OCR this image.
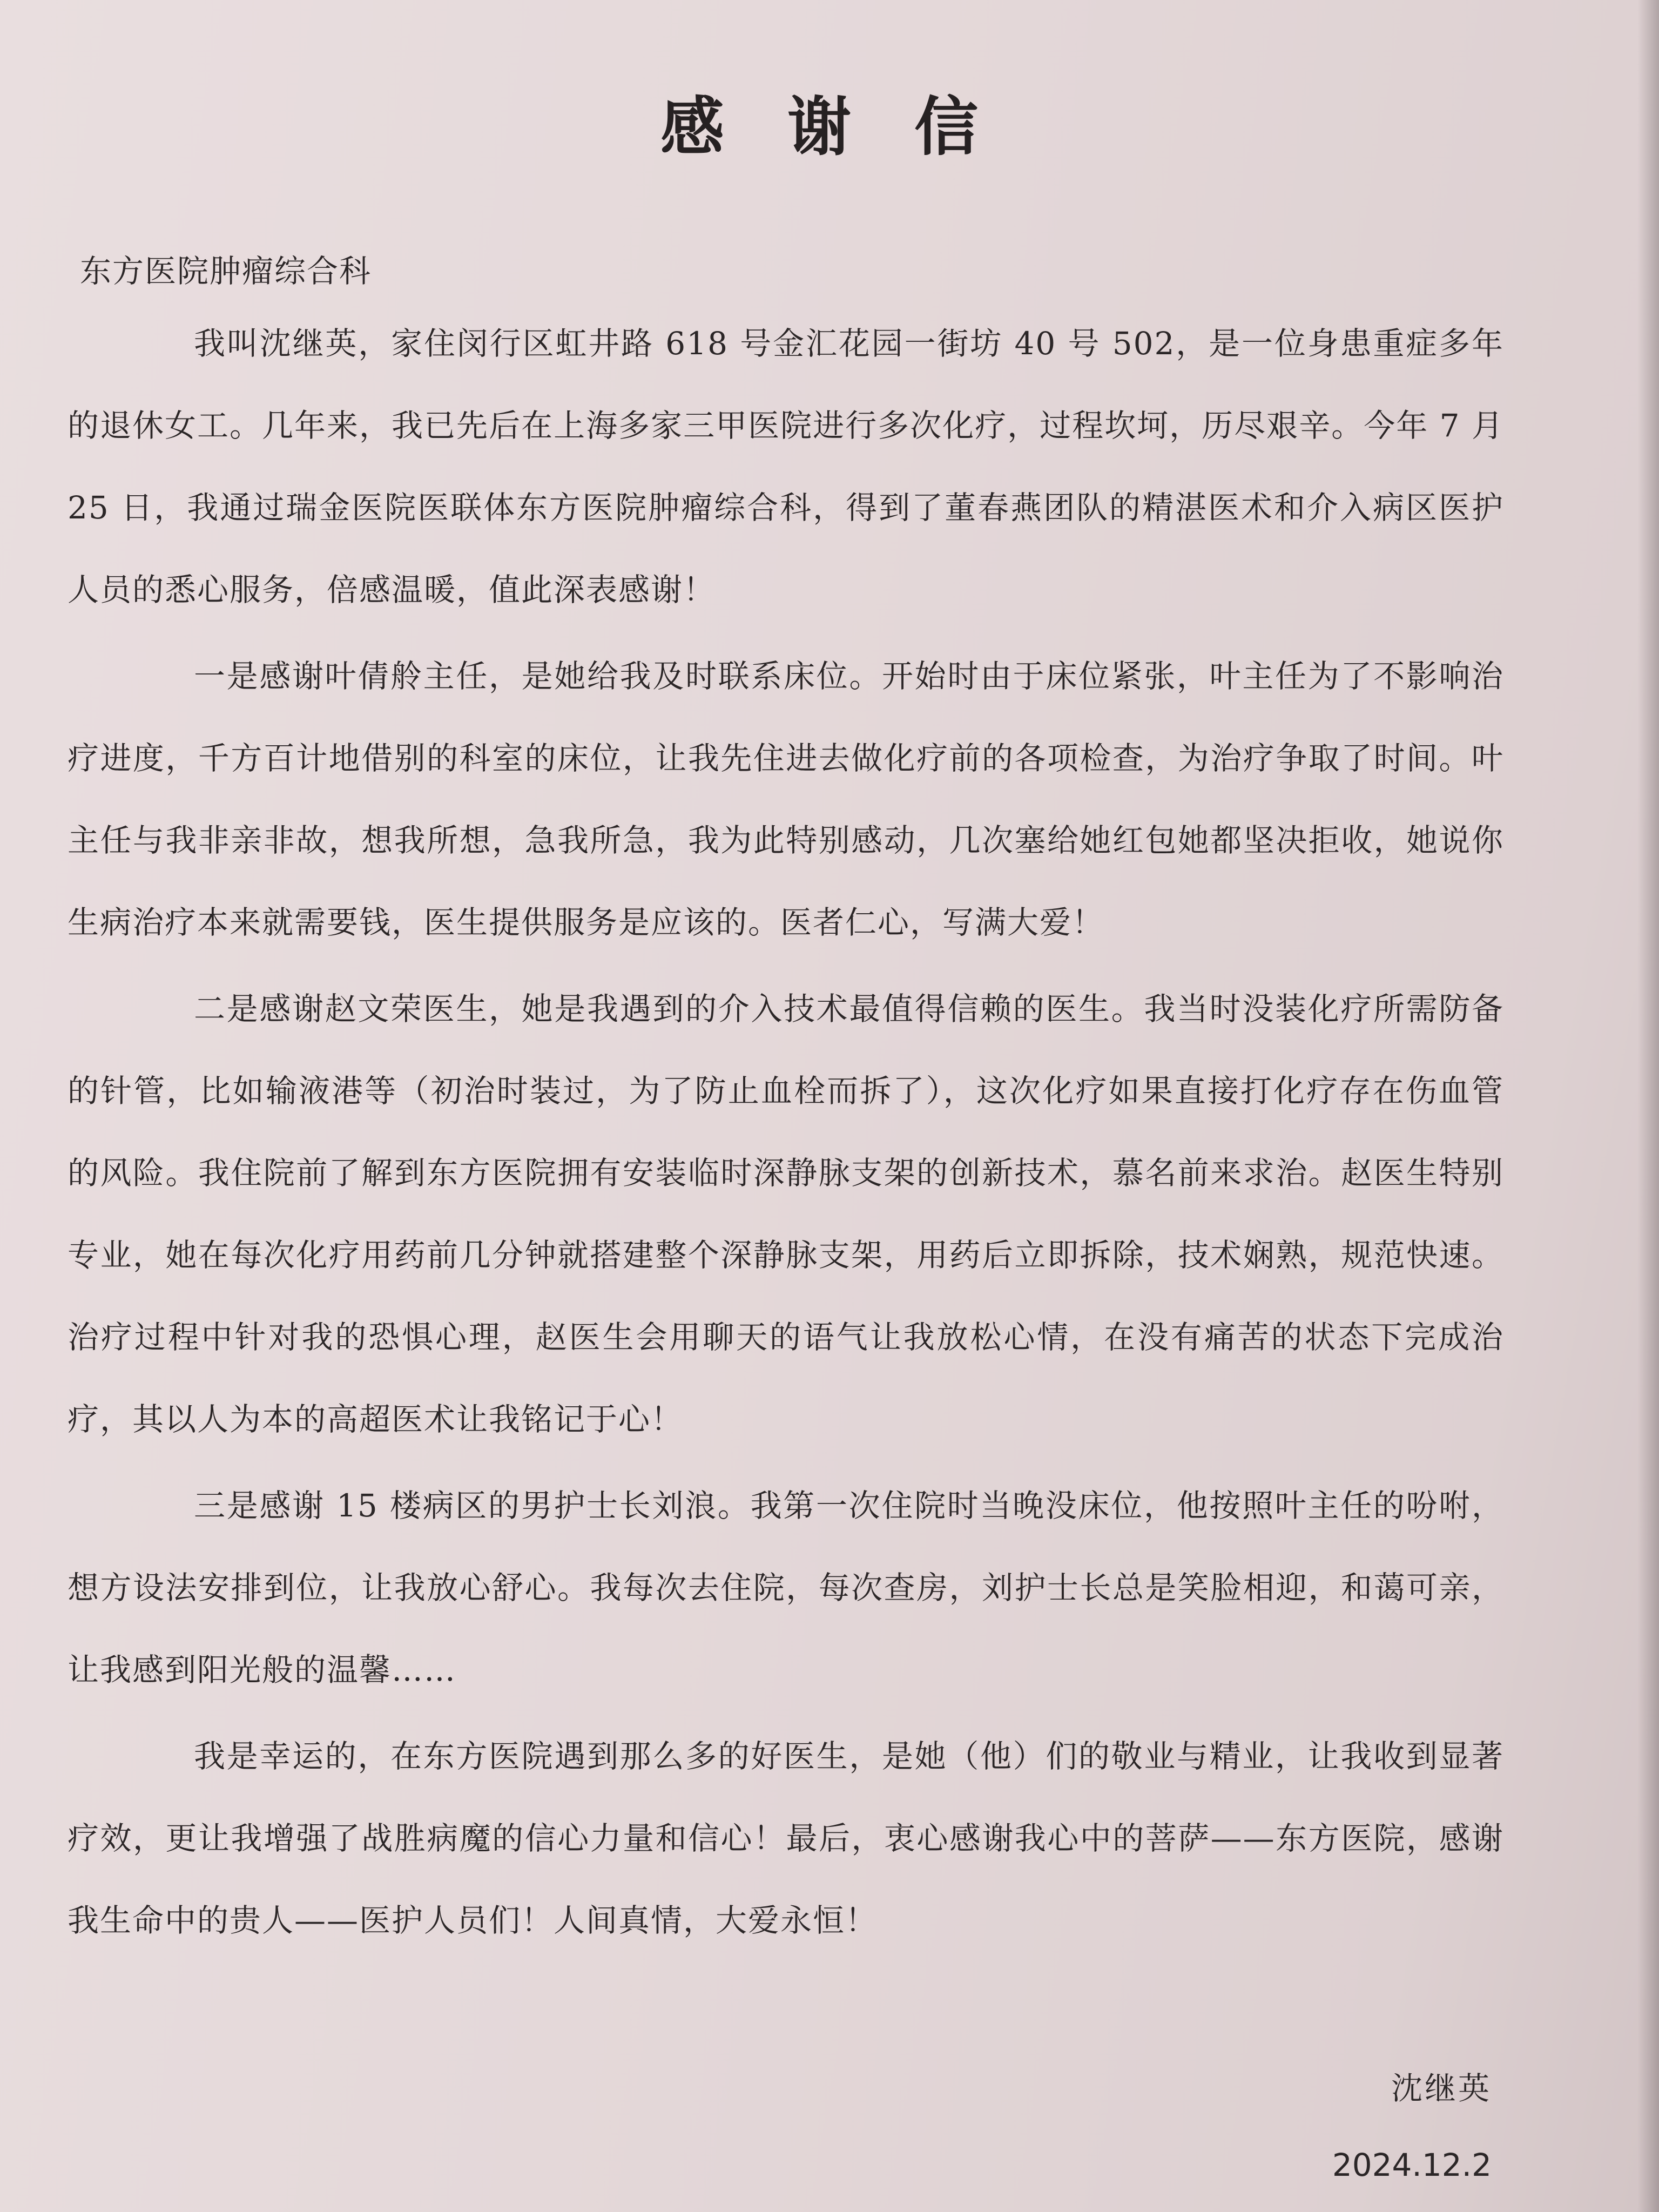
感 谢 信
东方医院肿瘤综合科

我叫沈继英，家住闵行区虹井路 618 号金汇花园一街坊 40 号 502，是一位身患重症多年的退休女工。几年来，我已先后在上海多家三甲医院进行多次化疗，过程坎坷，历尽艰辛。今年 7 月 25 日，我通过瑞金医院医联体东方医院肿瘤综合科，得到了董春燕团队的精湛医术和介入病区医护人员的悉心服务，倍感温暖，值此深表感谢！

一是感谢叶倩舲主任，是她给我及时联系床位。开始时由于床位紧张，叶主任为了不影响治疗进度，千方百计地借别的科室的床位，让我先住进去做化疗前的各项检查，为治疗争取了时间。叶主任与我非亲非故，想我所想，急我所急，我为此特别感动，几次塞给她红包她都坚决拒收，她说你生病治疗本来就需要钱，医生提供服务是应该的。医者仁心，写满大爱！

二是感谢赵文荣医生，她是我遇到的介入技术最值得信赖的医生。我当时没装化疗所需防备的针管，比如输液港等（初治时装过，为了防止血栓而拆了），这次化疗如果直接打化疗存在伤血管的风险。我住院前了解到东方医院拥有安装临时深静脉支架的创新技术，慕名前来求治。赵医生特别专业，她在每次化疗用药前几分钟就搭建整个深静脉支架，用药后立即拆除，技术娴熟，规范快速。治疗过程中针对我的恐惧心理，赵医生会用聊天的语气让我放松心情，在没有痛苦的状态下完成治疗，其以人为本的高超医术让我铭记于心！

三是感谢 15 楼病区的男护士长刘浪。我第一次住院时当晚没床位，他按照叶主任的吩咐，想方设法安排到位，让我放心舒心。我每次去住院，每次查房，刘护士长总是笑脸相迎，和蔼可亲，让我感到阳光般的温馨……

我是幸运的，在东方医院遇到那么多的好医生，是她（他）们的敬业与精业，让我收到显著疗效，更让我增强了战胜病魔的信心力量和信心！最后，衷心感谢我心中的菩萨——东方医院，感谢我生命中的贵人——医护人员们！人间真情，大爱永恒！

沈继英
2024.12.2
